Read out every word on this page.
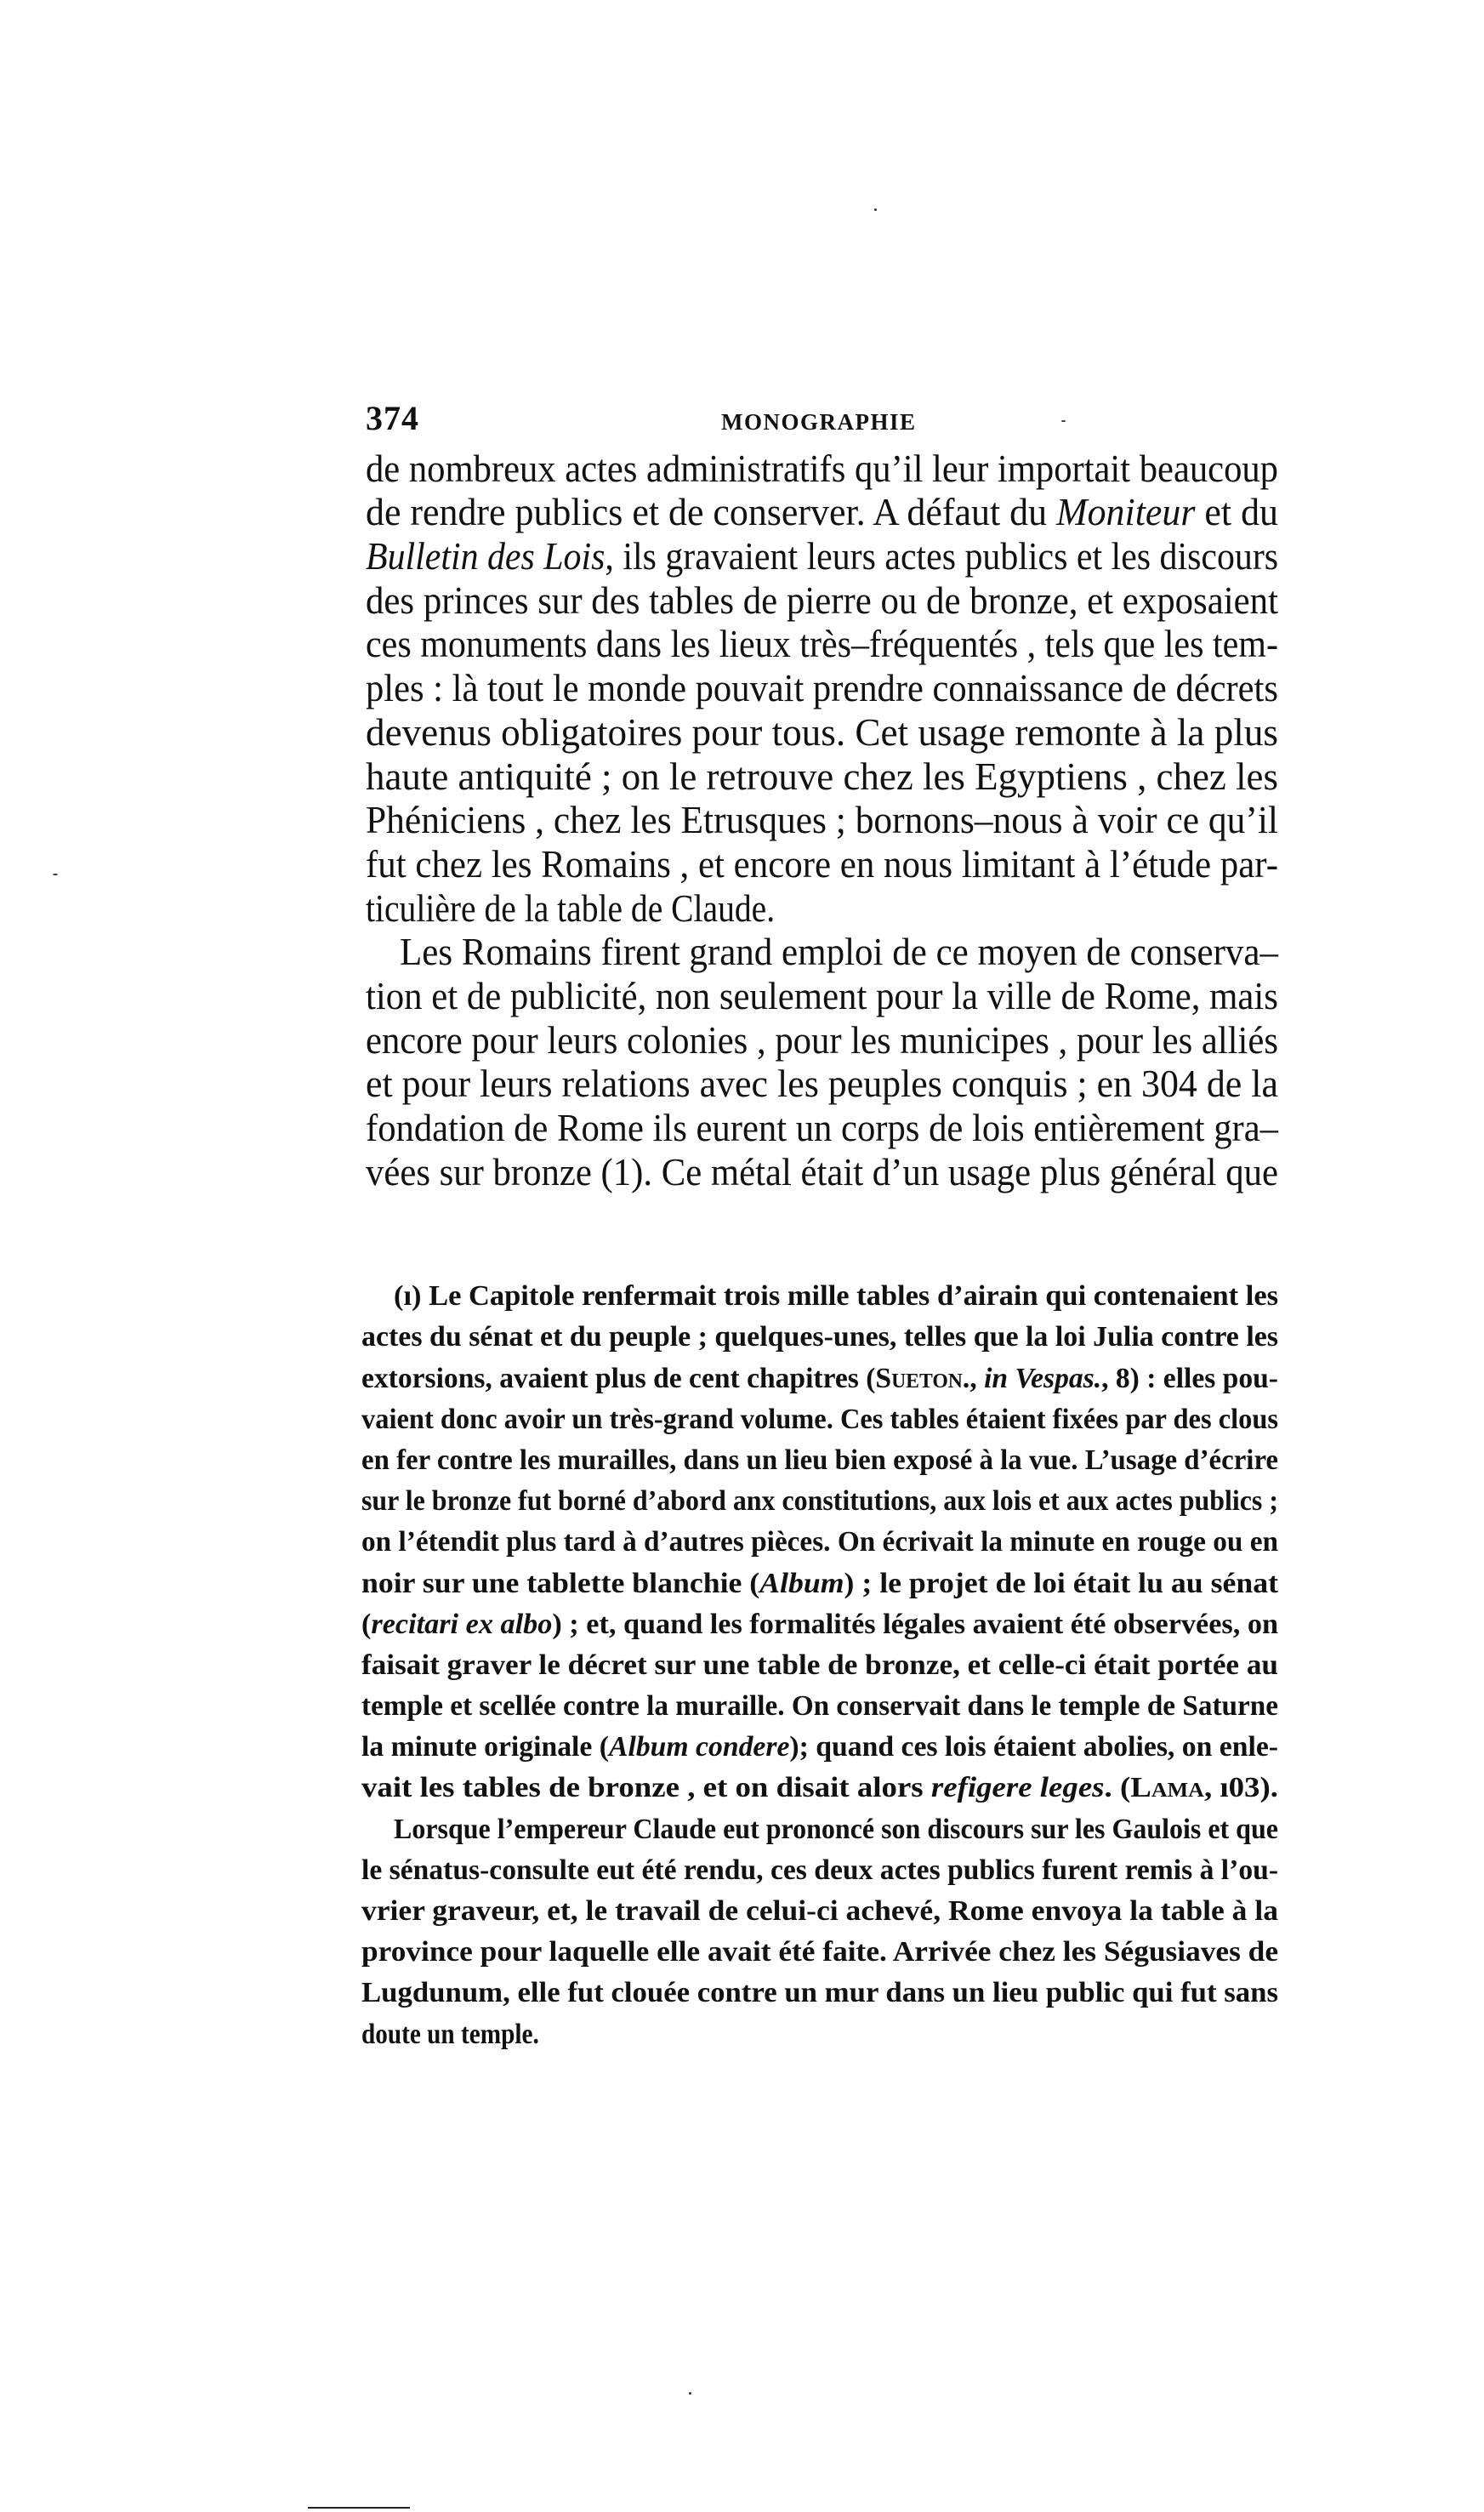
374	MONOGRAPHIE
de nombreux actes administratifs qu’il leur importait beaucoup
de rendre publics et de conserver. A défaut du Moniteur et du
Bulletin des Lois, ils gravaient leurs actes publics et les discours
des princes sur des tables de pierre ou de bronze, et exposaient
ces monuments dans les lieux très–fréquentés , tels que les tem-
ples : là tout le monde pouvait prendre connaissance de décrets
devenus obligatoires pour tous. Cet usage remonte à la plus
haute antiquité ; on le retrouve chez les Egyptiens , chez les
Phéniciens , chez les Etrusques ; bornons–nous à voir ce qu’il
fut chez les Romains , et encore en nous limitant à l’étude par-
ticulière de la table de Claude.
Les Romains firent grand emploi de ce moyen de conserva–
tion et de publicité, non seulement pour la ville de Rome, mais
encore pour leurs colonies , pour les municipes , pour les alliés
et pour leurs relations avec les peuples conquis ; en 304 de la
fondation de Rome ils eurent un corps de lois entièrement gra–
vées sur bronze (1). Ce métal était d’un usage plus général que
(ı) Le Capitole renfermait trois mille tables d’airain qui contenaient les
actes du sénat et du peuple ; quelques-unes, telles que la loi Julia contre les
extorsions, avaient plus de cent chapitres (Sueton., in Vespas., 8) : elles pou-
vaient donc avoir un très-grand volume. Ces tables étaient fixées par des clous
en fer contre les murailles, dans un lieu bien exposé à la vue. L’usage d’écrire
sur le bronze fut borné d’abord anx constitutions, aux lois et aux actes publics ;
on l’étendit plus tard à d’autres pièces. On écrivait la minute en rouge ou en
noir sur une tablette blanchie (Album) ; le projet de loi était lu au sénat
(recitari ex albo) ; et, quand les formalités légales avaient été observées, on
faisait graver le décret sur une table de bronze, et celle-ci était portée au
temple et scellée contre la muraille. On conservait dans le temple de Saturne
la minute originale (Album condere); quand ces lois étaient abolies, on enle-
vait les tables de bronze , et on disait alors refigere leges. (Lama, ı03).
Lorsque l’empereur Claude eut prononcé son discours sur les Gaulois et que
le sénatus-consulte eut été rendu, ces deux actes publics furent remis à l’ou-
vrier graveur, et, le travail de celui-ci achevé, Rome envoya la table à la
province pour laquelle elle avait été faite. Arrivée chez les Ségusiaves de
Lugdunum, elle fut clouée contre un mur dans un lieu public qui fut sans
doute un temple.
